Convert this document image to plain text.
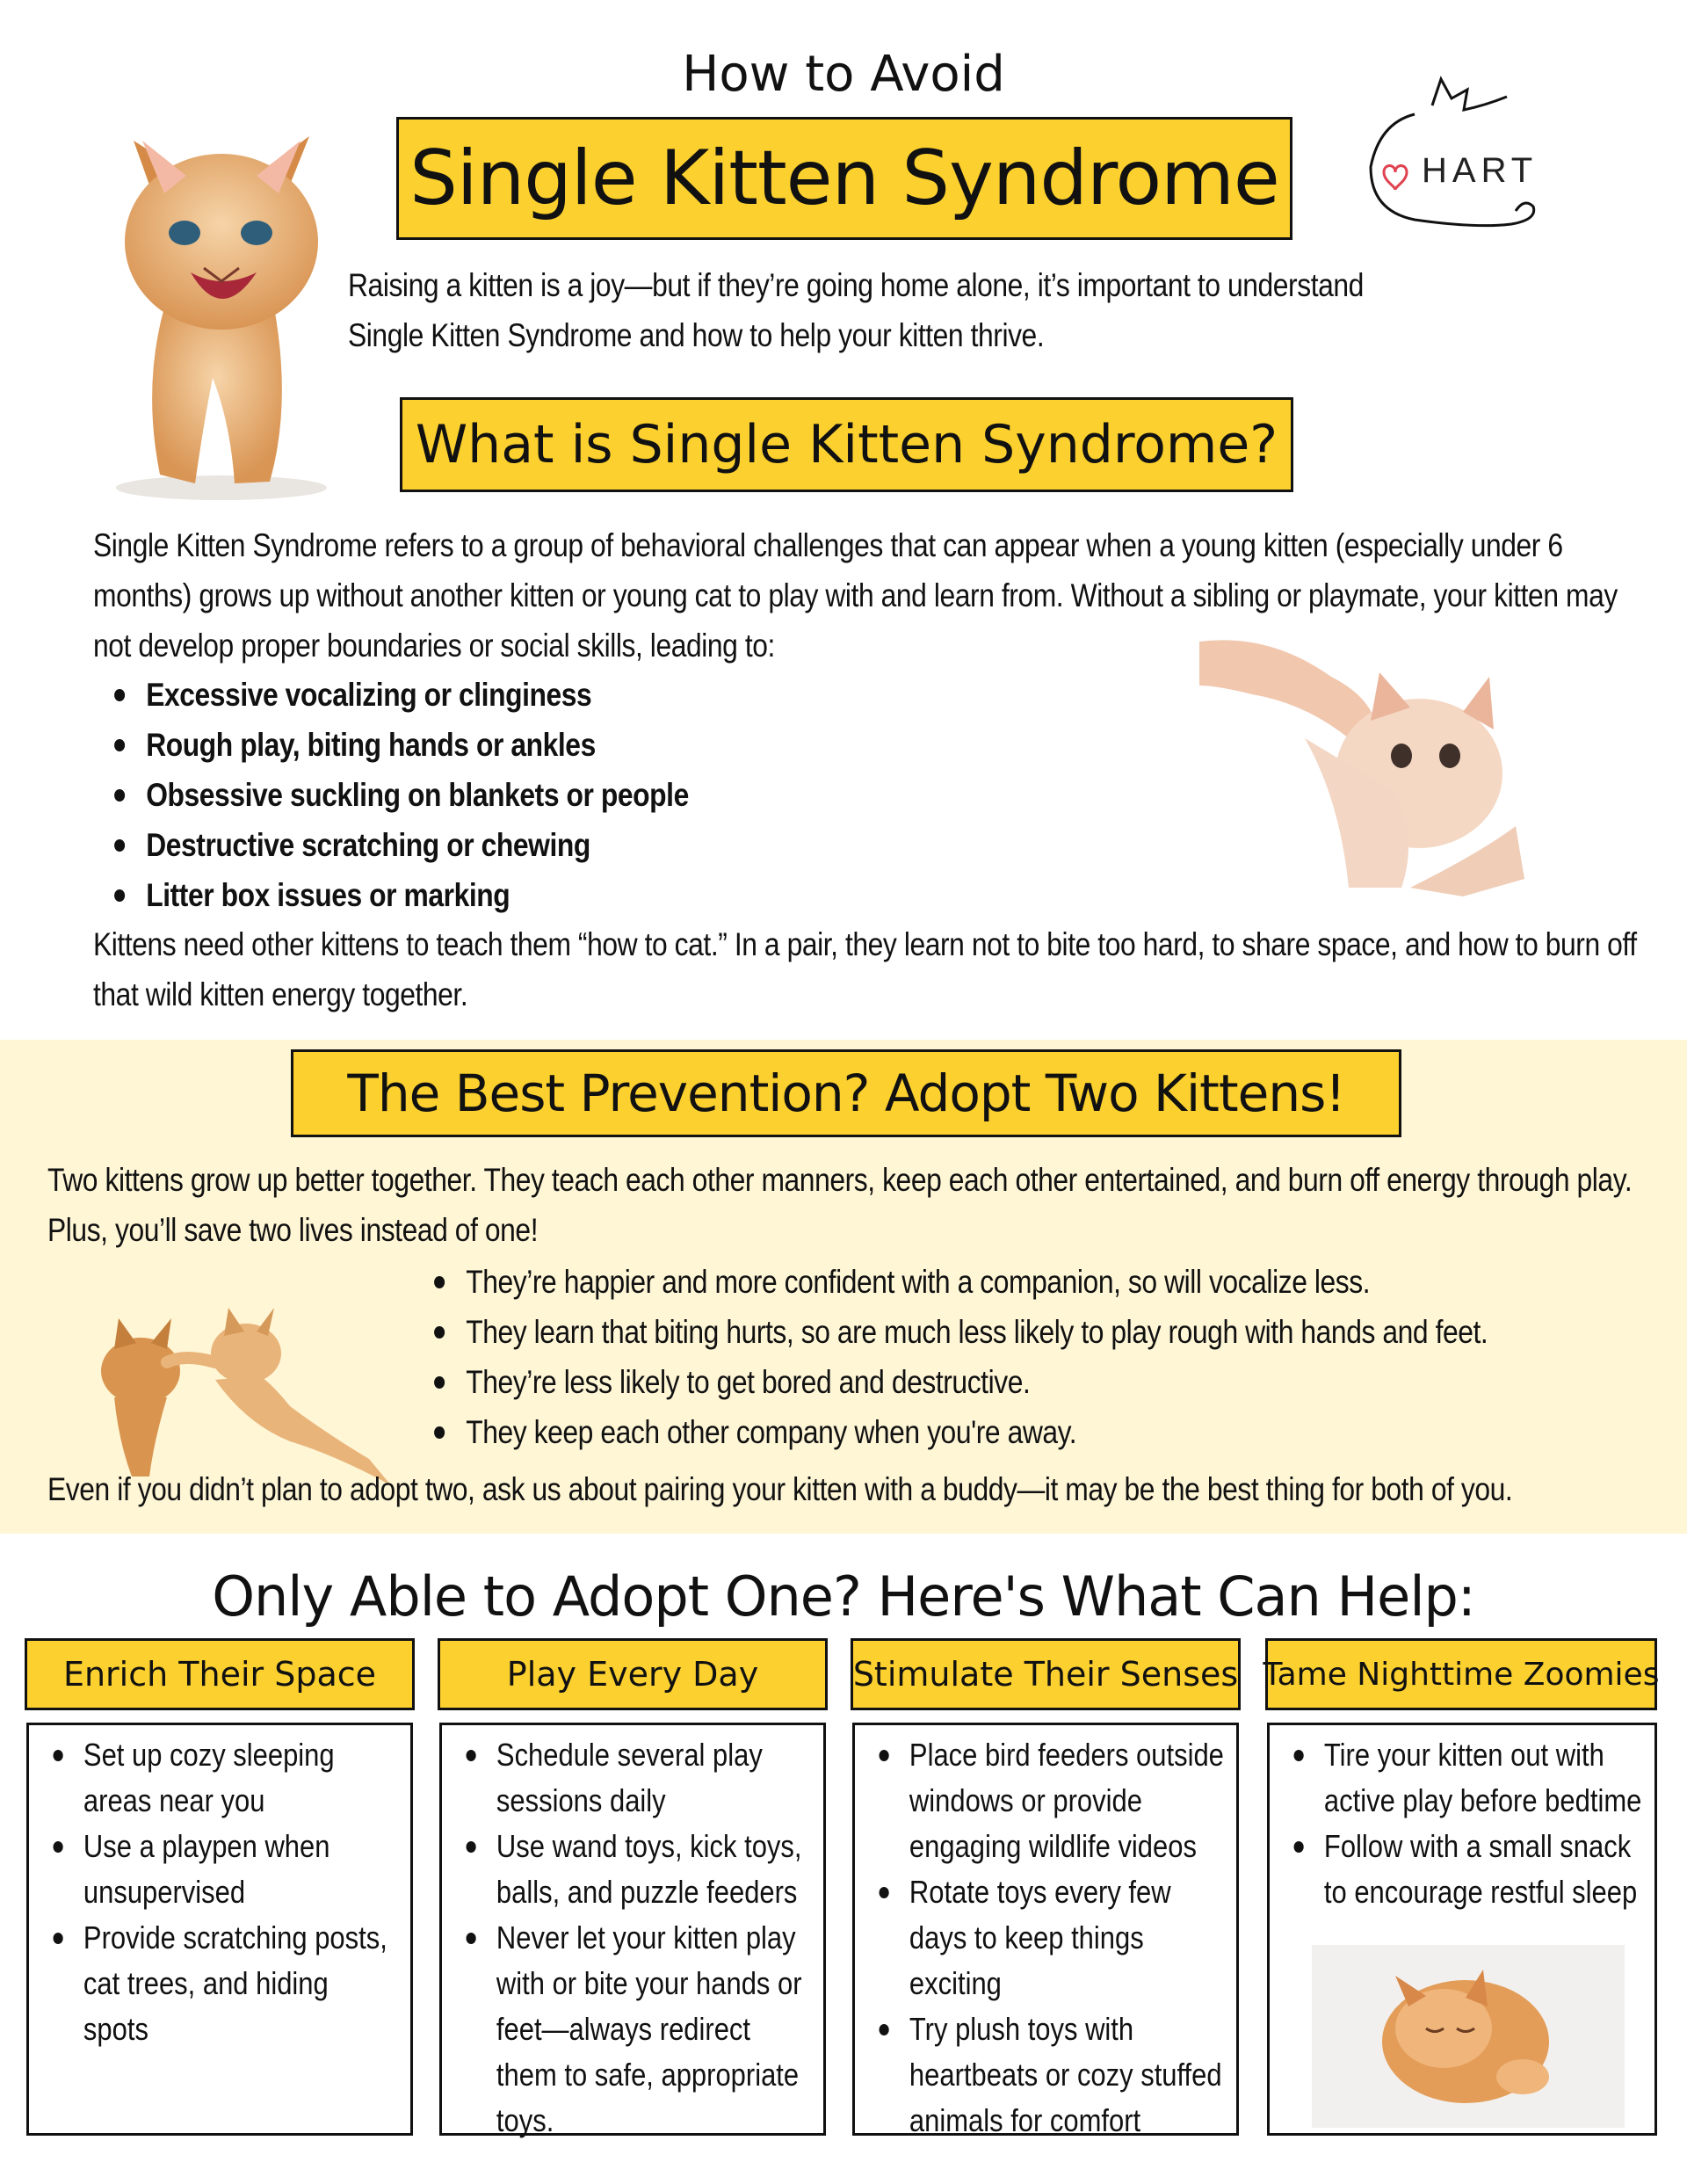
How to Avoid
Single Kitten Syndrome	HART
Raising a kitten is a joy—but if they’re going home alone, it’s important to understand Single Kitten Syndrome and how to help your kitten thrive.
What is Single Kitten Syndrome?
Single Kitten Syndrome refers to a group of behavioral challenges that can appear when a young kitten (especially under 6 months) grows up without another kitten or young cat to play with and learn from. Without a sibling or playmate, your kitten may not develop proper boundaries or social skills, leading to:
Excessive vocalizing or clinginess
Rough play, biting hands or ankles
Obsessive suckling on blankets or people
Destructive scratching or chewing
Litter box issues or marking
Kittens need other kittens to teach them “how to cat.” In a pair, they learn not to bite too hard, to share space, and how to burn off that wild kitten energy together.
The Best Prevention? Adopt Two Kittens!
Two kittens grow up better together. They teach each other manners, keep each other entertained, and burn off energy through play. Plus, you’ll save two lives instead of one!
They’re happier and more confident with a companion, so will vocalize less.
They learn that biting hurts, so are much less likely to play rough with hands and feet.
They’re less likely to get bored and destructive.
They keep each other company when you're away.
Even if you didn’t plan to adopt two, ask us about pairing your kitten with a buddy—it may be the best thing for both of you.
Only Able to Adopt One? Here's What Can Help:
Enrich Their Space
Set up cozy sleeping areas near you
Use a playpen when unsupervised
Provide scratching posts, cat trees, and hiding spots
Play Every Day
Schedule several play sessions daily
Use wand toys, kick toys, balls, and puzzle feeders
Never let your kitten play with or bite your hands or feet—always redirect them to safe, appropriate toys.
Stimulate Their Senses
Place bird feeders outside windows or provide engaging wildlife videos
Rotate toys every few days to keep things exciting
Try plush toys with heartbeats or cozy stuffed animals for comfort
Tame Nighttime Zoomies
Tire your kitten out with active play before bedtime
Follow with a small snack to encourage restful sleep
